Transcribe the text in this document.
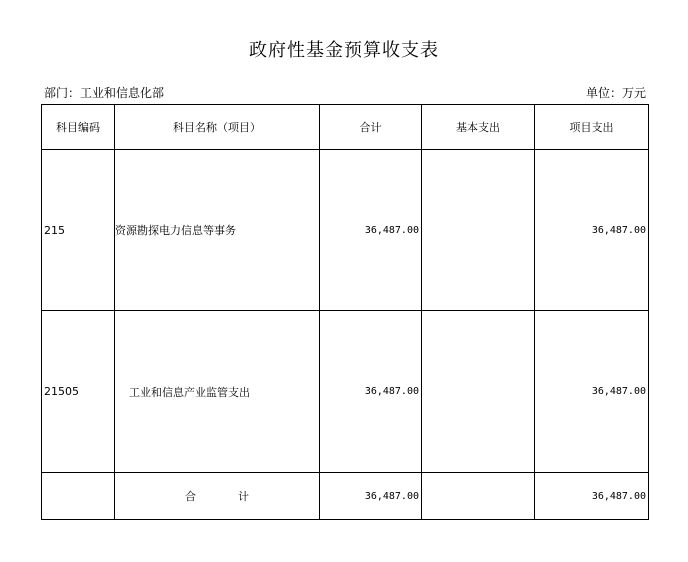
政府性基金预算收支表
部门：工业和信息化部	单位：万元
科目编码	科目名称（项目）	合计	基本支出	项目支出
215	资源勘探电力信息等事务	36,487.00		36,487.00
21505	工业和信息产业监管支出	36,487.00		36,487.00
	合 计	36,487.00		36,487.00
